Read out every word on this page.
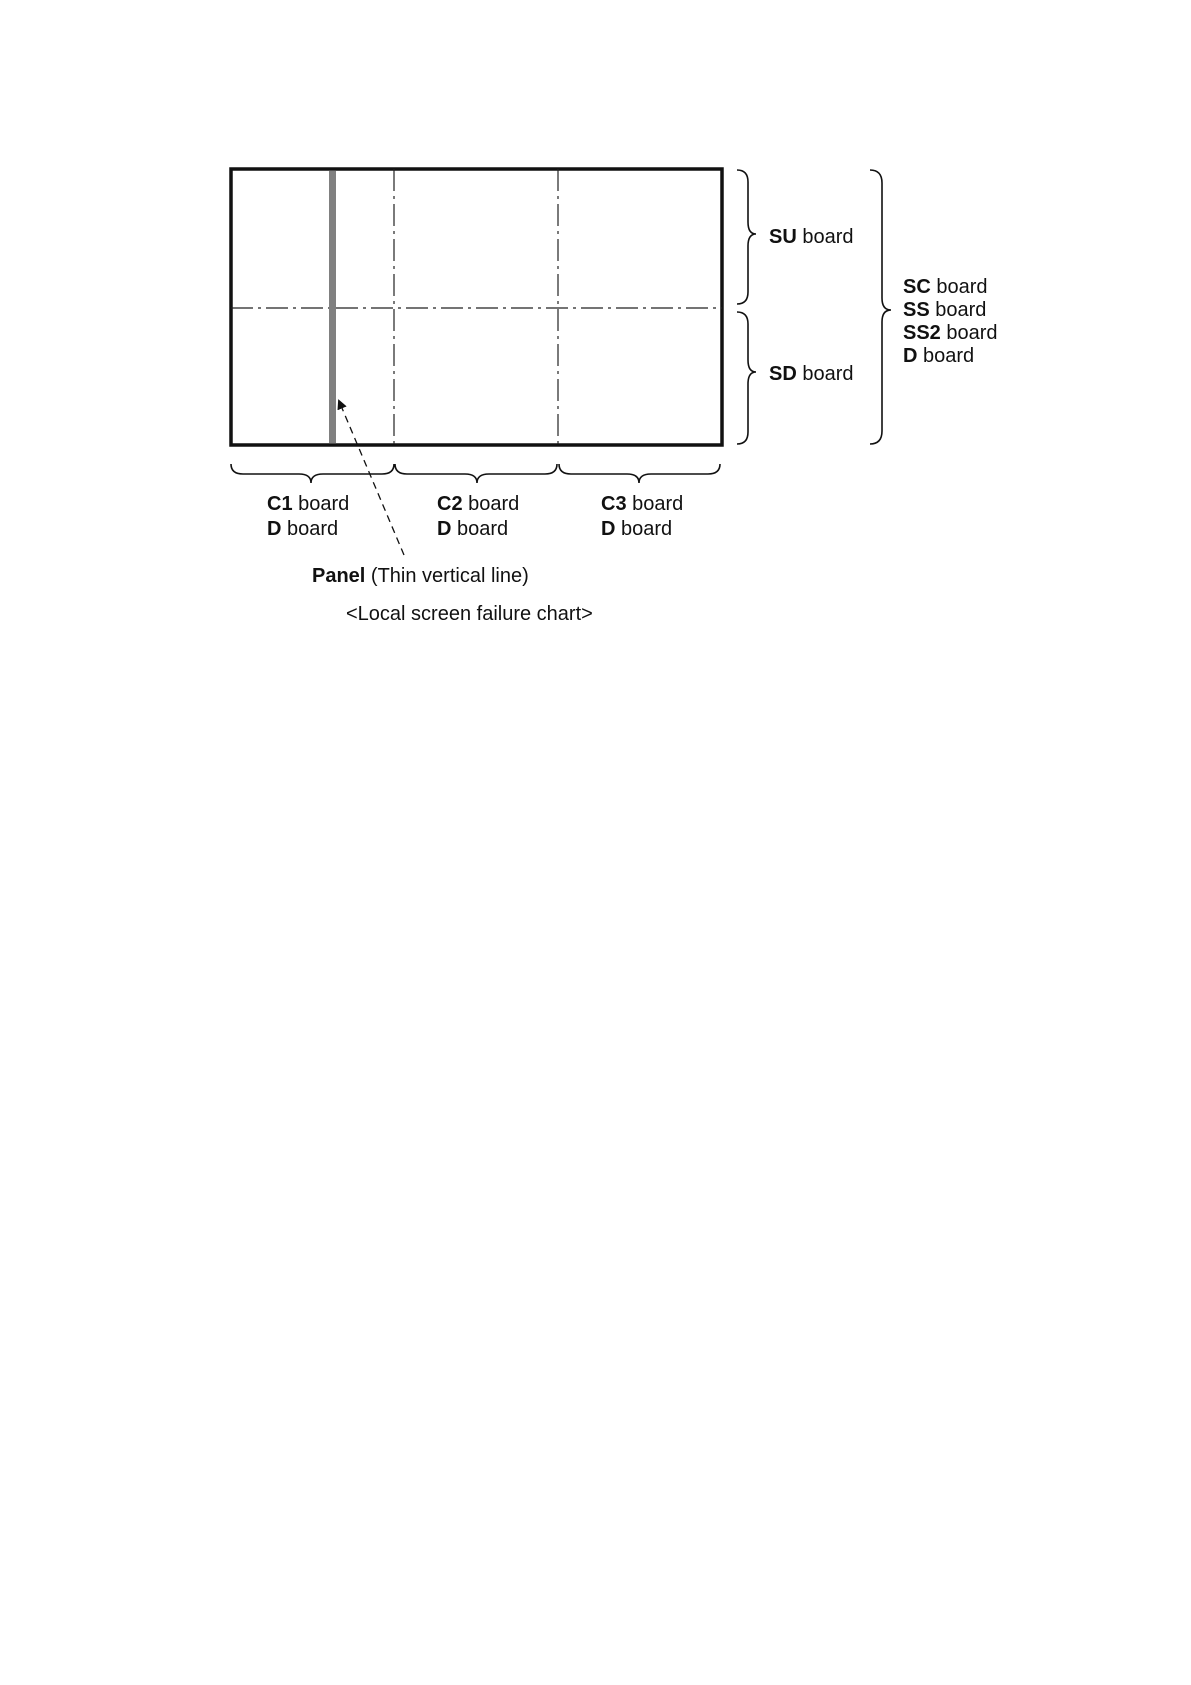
SU board
SD board
SC board
SS board
SS2 board
D board
C1 board
D board
C2 board
D board
C3 board
D board
Panel (Thin vertical line)
<Local screen failure chart>
